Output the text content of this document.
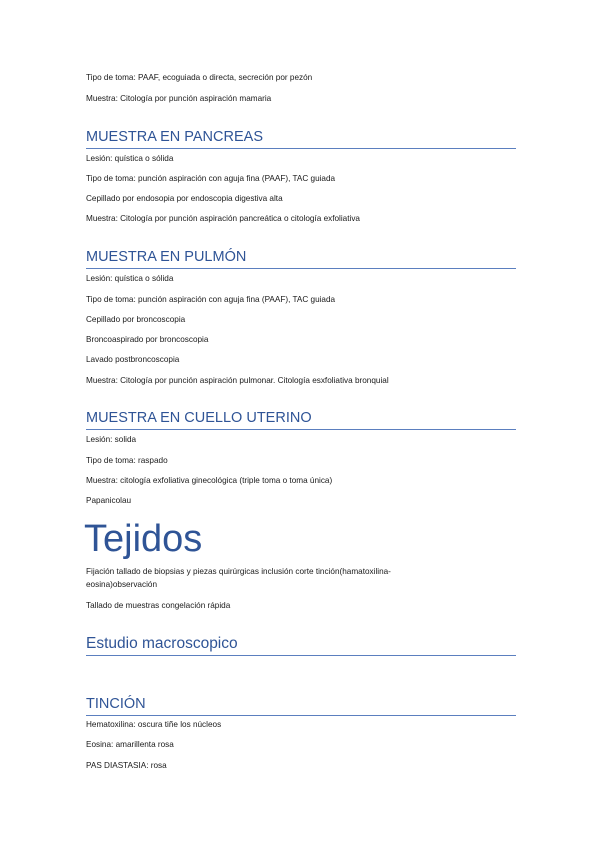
Tipo de toma: PAAF, ecoguiada o directa, secreción por pezón
Muestra: Citología por punción aspiración mamaria
MUESTRA EN PANCREAS
Lesión: quística o sólida
Tipo de toma: punción aspiración con aguja fina (PAAF), TAC guiada
Cepillado por endosopia por endoscopia digestiva alta
Muestra: Citología por punción aspiración pancreática o citología exfoliativa
MUESTRA EN PULMÓN
Lesión: quística o sólida
Tipo de toma: punción aspiración con aguja fina (PAAF), TAC guiada
Cepillado por broncoscopia
Broncoaspirado por broncoscopia
Lavado postbroncoscopia
Muestra: Citología por punción aspiración pulmonar. Citología esxfoliativa bronquial
MUESTRA EN CUELLO UTERINO
Lesión: solida
Tipo de toma: raspado
Muestra: citología exfoliativa ginecológica (triple toma o toma única)
Papanicolau
Tejidos
Fijación tallado de biopsias y piezas quirúrgicas inclusión corte tinción(hamatoxilina-eosina)observación
Tallado de muestras congelación rápida
Estudio macroscopico
TINCIÓN
Hematoxilina: oscura tiñe los núcleos
Eosina: amarillenta rosa
PAS DIASTASIA: rosa
